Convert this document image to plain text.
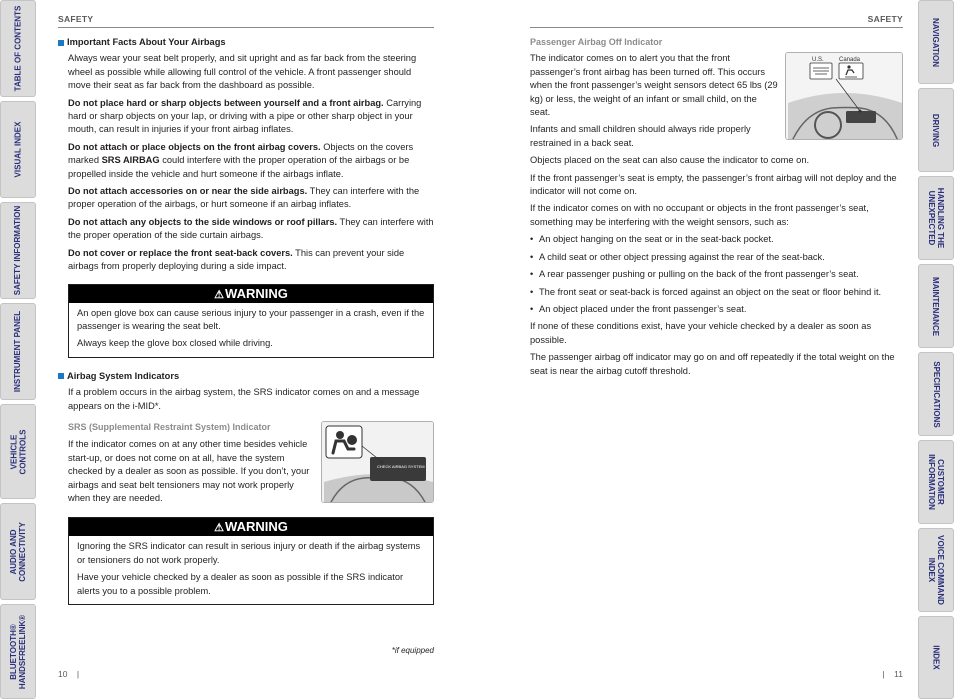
TABLE OF CONTENTS
VISUAL INDEX
SAFETY INFORMATION
INSTRUMENT PANEL
VEHICLE
CONTROLS
AUDIO AND
CONNECTIVITY
BLUETOOTH®
HANDSFREELINK®
NAVIGATION
DRIVING
HANDLING THE
UNEXPECTED
MAINTENANCE
SPECIFICATIONS
CUSTOMER
INFORMATION
VOICE COMMAND
INDEX
INDEX
SAFETY
Important Facts About Your Airbags

Always wear your seat belt properly, and sit upright and as far back from the steering wheel as possible while allowing full control of the vehicle. A front passenger should move their seat as far back from the dashboard as possible.

Do not place hard or sharp objects between yourself and a front airbag. Carrying hard or sharp objects on your lap, or driving with a pipe or other sharp object in your mouth, can result in injuries if your front airbag inflates.

Do not attach or place objects on the front airbag covers. Objects on the covers marked SRS AIRBAG could interfere with the proper operation of the airbags or be propelled inside the vehicle and hurt someone if the airbags inflate.

Do not attach accessories on or near the side airbags. They can interfere with the proper operation of the airbags, or hurt someone if an airbag inflates.

Do not attach any objects to the side windows or roof pillars. They can interfere with the proper operation of the side curtain airbags.

Do not cover or replace the front seat-back covers. This can prevent your side airbags from properly deploying during a side impact.

⚠WARNING

An open glove box can cause serious injury to your passenger in a crash, even if the passenger is wearing the seat belt.

Always keep the glove box closed while driving.

Airbag System Indicators

If a problem occurs in the airbag system, the SRS indicator comes on and a message appears on the i-MID*.

CHECK AIRBAG SYSTEM
SRS (Supplemental Restraint System) Indicator

If the indicator comes on at any other time besides vehicle start-up, or does not come on at all, have the system checked by a dealer as soon as possible. If you don’t, your airbags and seat belt tensioners may not work properly when they are needed.

⚠WARNING

Ignoring the SRS indicator can result in serious injury or death if the airbag systems or tensioners do not work properly.

Have your vehicle checked by a dealer as soon as possible if the SRS indicator alerts you to a possible problem.

*if equipped
10    |
SAFETY
Passenger Airbag Off Indicator
U.S.	Canada

The indicator comes on to alert you that the front passenger’s front airbag has been turned off. This occurs when the front passenger’s weight sensors detect 65 lbs (29 kg) or less, the weight of an infant or small child, on the seat.

Infants and small children should always ride properly restrained in a back seat.

Objects placed on the seat can also cause the indicator to come on.

If the front passenger’s seat is empty, the passenger’s front airbag will not deploy and the indicator will not come on.

If the indicator comes on with no occupant or objects in the front passenger’s seat, something may be interfering with the weight sensors, such as:

• An object hanging on the seat or in the seat-back pocket.
• A child seat or other object pressing against the rear of the seat-back.
• A rear passenger pushing or pulling on the back of the front passenger’s seat.
• The front seat or seat-back is forced against an object on the seat or floor behind it.
• An object placed under the front passenger’s seat.

If none of these conditions exist, have your vehicle checked by a dealer as soon as possible.

The passenger airbag off indicator may go on and off repeatedly if the total weight on the seat is near the airbag cutoff threshold.

|    11
